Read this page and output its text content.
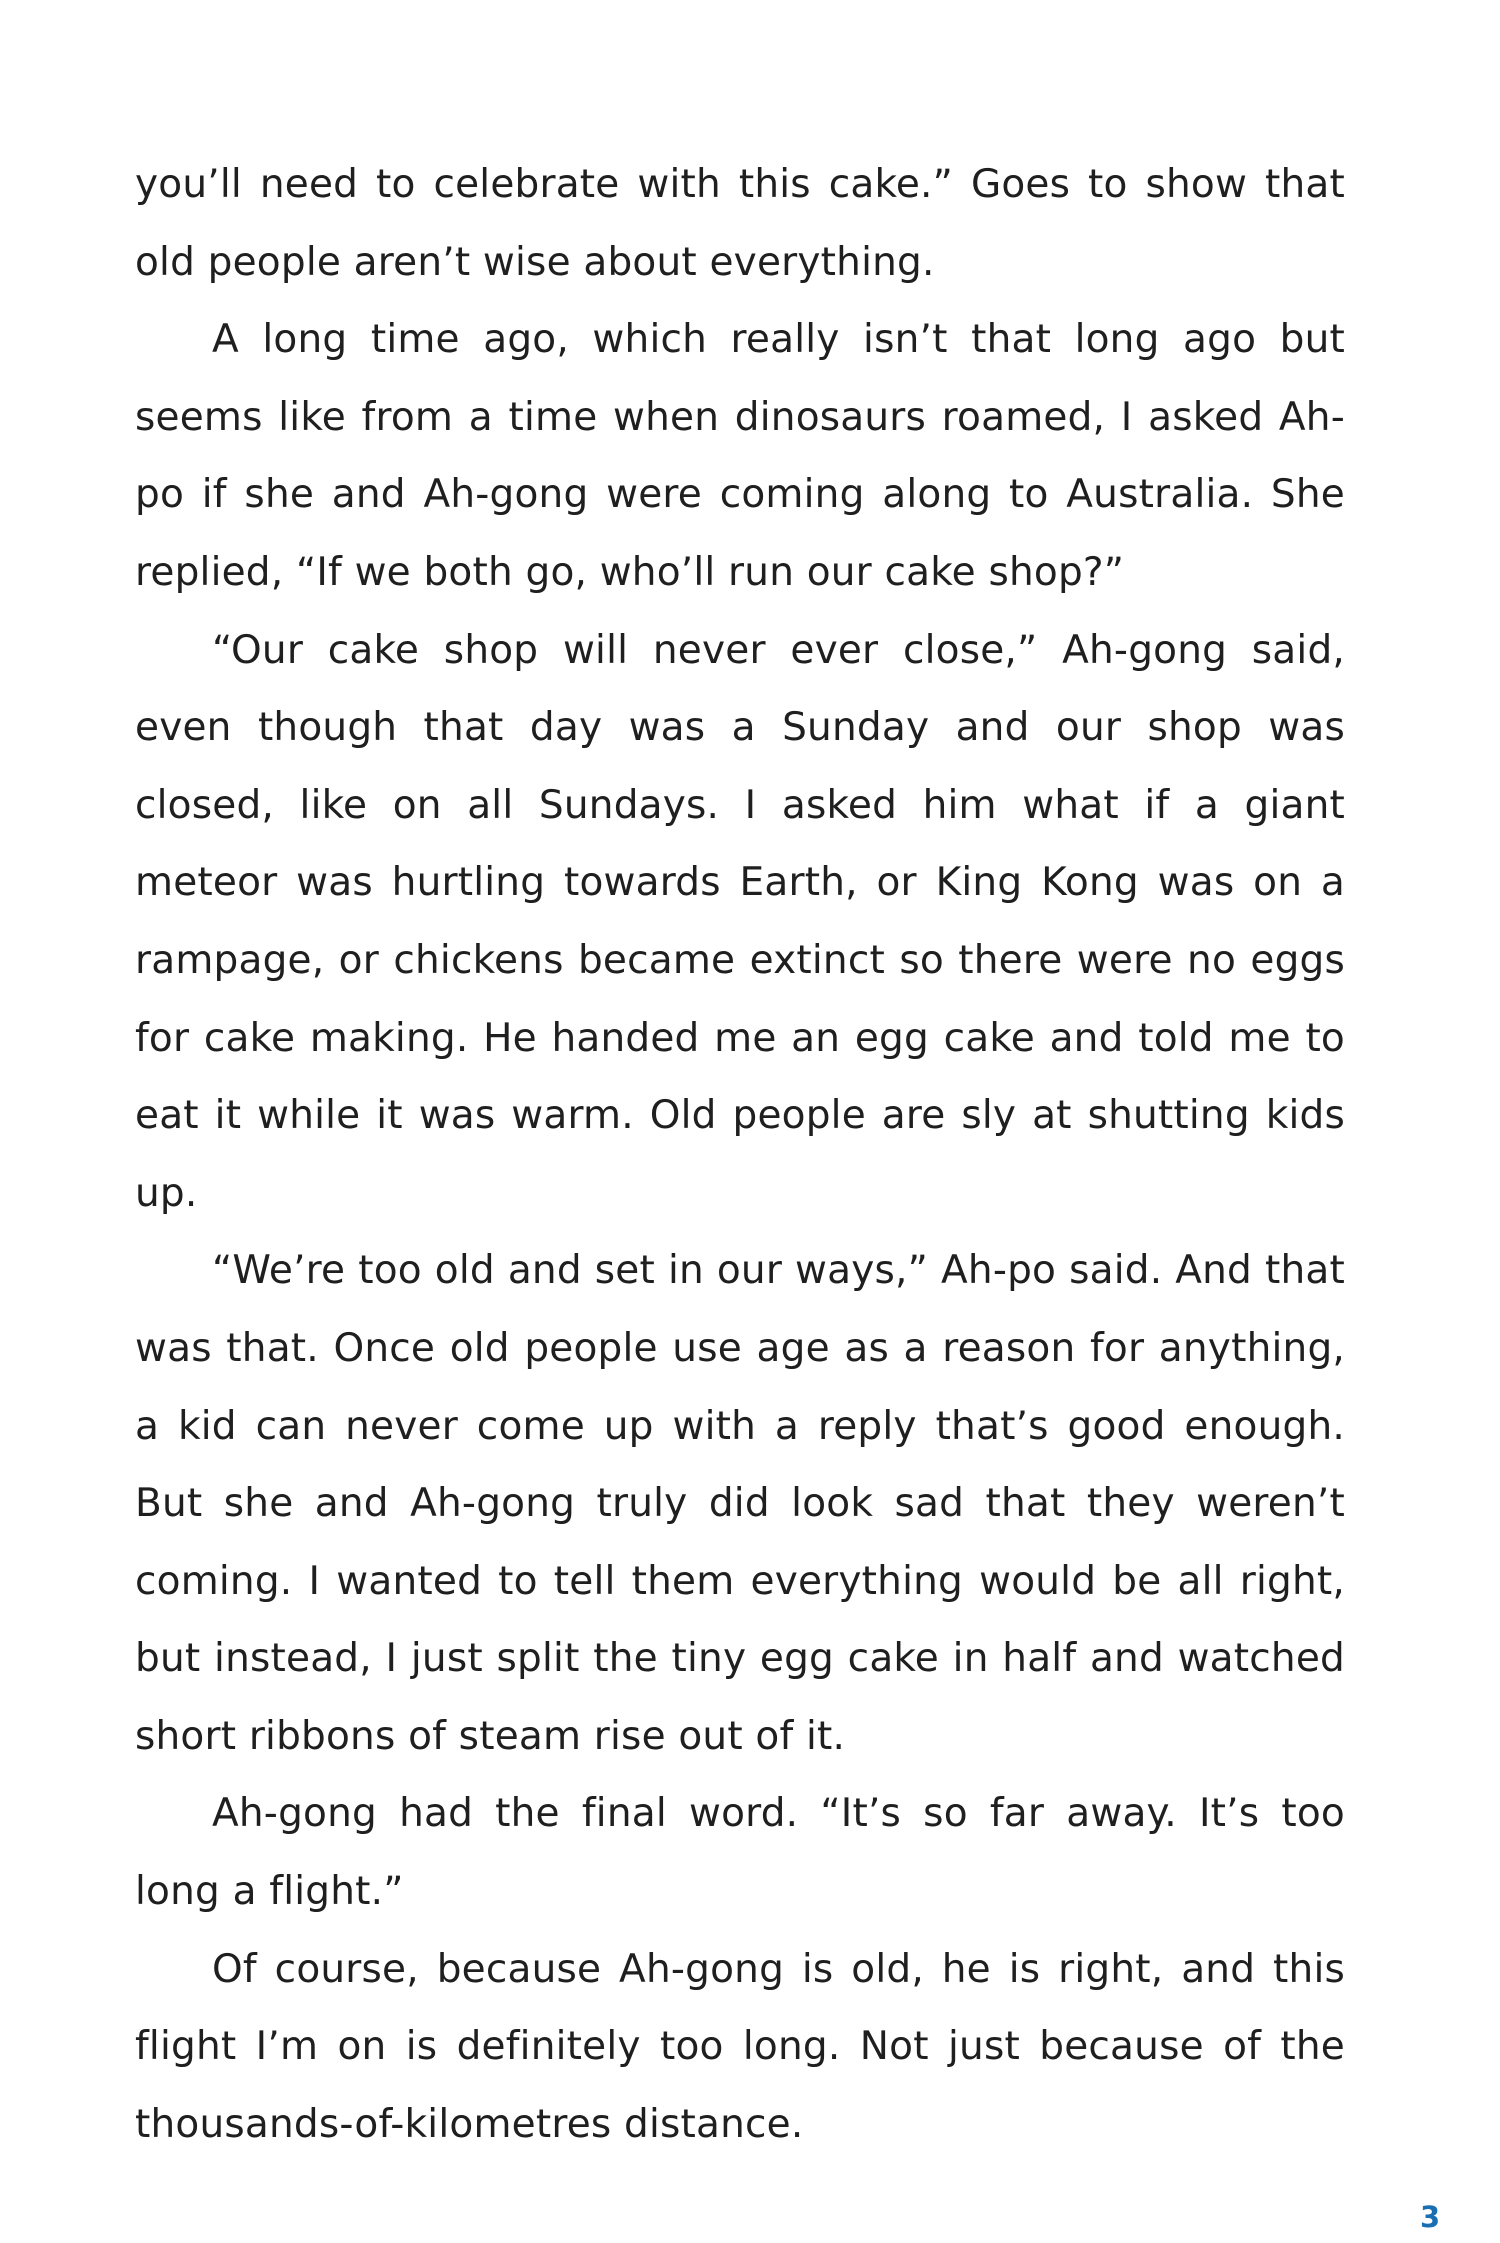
you’ll need to celebrate with this cake.” Goes to show that old people aren’t wise about everything.

A long time ago, which really isn’t that long ago but seems like from a time when dinosaurs roamed, I asked Ah-po if she and Ah-gong were coming along to Australia. She replied, “If we both go, who’ll run our cake shop?”

“Our cake shop will never ever close,” Ah-gong said, even though that day was a Sunday and our shop was closed, like on all Sundays. I asked him what if a giant meteor was hurtling towards Earth, or King Kong was on a rampage, or chickens became extinct so there were no eggs for cake making. He handed me an egg cake and told me to eat it while it was warm. Old people are sly at shutting kids up.

“We’re too old and set in our ways,” Ah-po said. And that was that. Once old people use age as a reason for anything, a kid can never come up with a reply that’s good enough. But she and Ah-gong truly did look sad that they weren’t coming. I wanted to tell them everything would be all right, but instead, I just split the tiny egg cake in half and watched short ribbons of steam rise out of it.

Ah-gong had the final word. “It’s so far away. It’s too long a flight.”

Of course, because Ah-gong is old, he is right, and this flight I’m on is definitely too long. Not just because of the thousands-of-kilometres distance.

3
